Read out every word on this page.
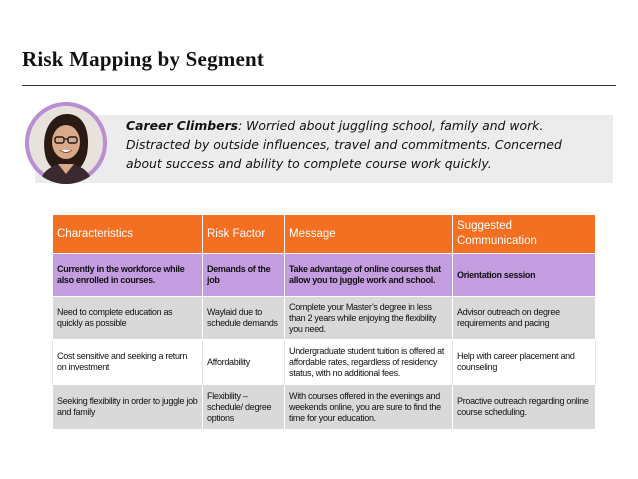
Risk Mapping by Segment
Career Climbers: Worried about juggling school, family and work. Distracted by outside influences, travel and commitments. Concerned about success and ability to complete course work quickly.
Characteristics	Risk Factor	Message	Suggested Communication
Currently in the workforce while also enrolled in courses.	Demands of the job	Take advantage of online courses that allow you to juggle work and school.	Orientation session
Need to complete education as quickly as possible	Waylaid due to schedule demands	Complete your Master’s degree in less than 2 years while enjoying the flexibility you need.	Advisor outreach on degree requirements and pacing
Cost sensitive and seeking a return on investment	Affordability	Undergraduate student tuition is offered at affordable rates, regardless of residency status, with no additional fees.	Help with career placement and counseling
Seeking flexibility in order to juggle job and family	Flexibility – schedule/ degree options	With courses offered in the evenings and weekends online, you are sure to find the time for your education.	Proactive outreach regarding online course scheduling.
